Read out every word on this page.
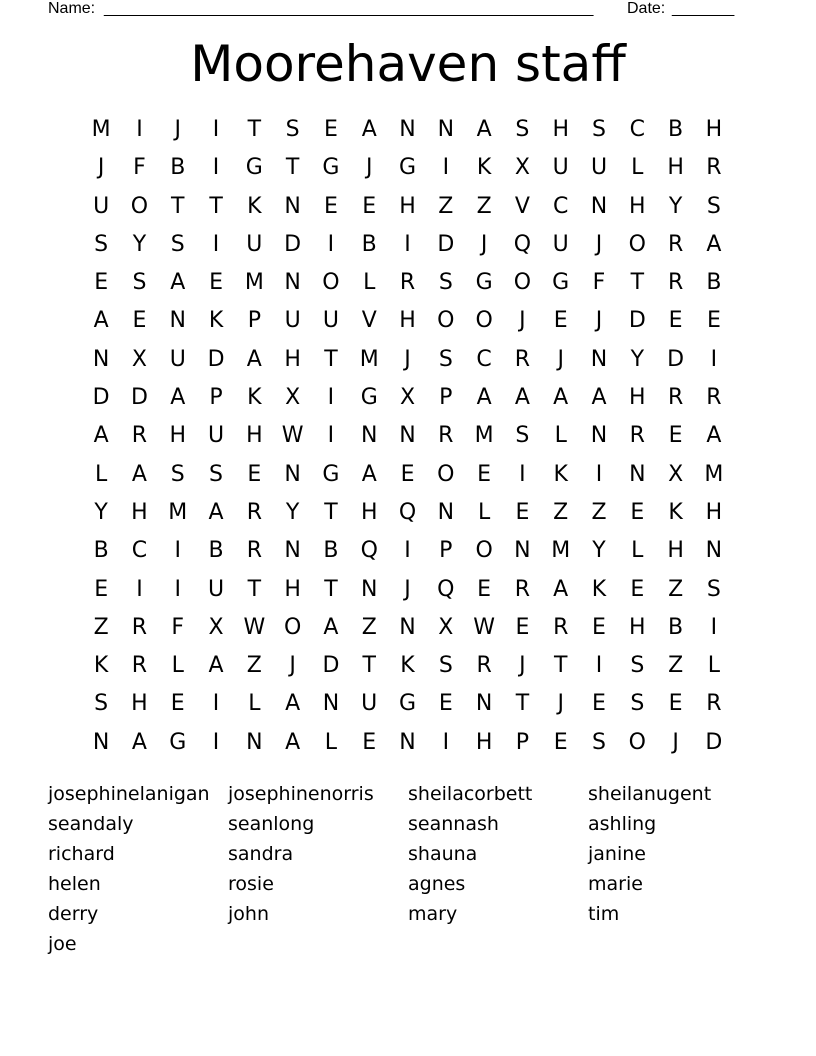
Name: _______________________________________________________ Date: _______
Moorehaven staff
M	I	J	I	T	S	E	A	N N	A	S	H	S	C	B	H
J	F	B	I	G	T	G	J	G	I	K	X	U	U	L	H	R
U O	T	T	K	N	E	E	H	Z	Z	V	C	N H	Y	S
S	Y	S	I	U D	I	B	I	D	J	Q U	J	O R	A
E	S	A	E M N O	L	R	S	G O G	F	T	R	B
A	E	N	K	P	U	U	V	H O O	J	E	J	D	E	E
N	X	U D	A	H	T	M	J	S	C	R	J	N	Y	D	I
D D	A	P	K	X	I	G	X	P	A	A	A	A	H	R	R
A	R	H U H W	I	N N	R M S	L	N	R	E	A
L	A	S	S	E	N G	A	E	O	E	I	K	I	N	X M
Y	H M A	R	Y	T	H Q N	L	E	Z	Z	E	K	H
B	C	I	B	R	N	B	Q	I	P	O N M	Y	L	H N
E	I	I	U	T	H	T	N	J	Q	E	R	A	K	E	Z	S
Z	R	F	X W O	A	Z	N	X W E	R	E	H	B	I
K	R	L	A	Z	J	D	T	K	S	R	J	T	I	S	Z	L
S	H	E	I	L	A	N	U G	E	N	T	J	E	S	E	R
N	A	G	I	N	A	L	E	N	I	H	P	E	S	O	J	D
josephinelanigan josephinenorris	sheilacorbett	sheilanugent
seandaly	seanlong	seannash	ashling
richard	sandra	shauna	janine
helen	rosie	agnes	marie
derry	john	mary	tim
joe
